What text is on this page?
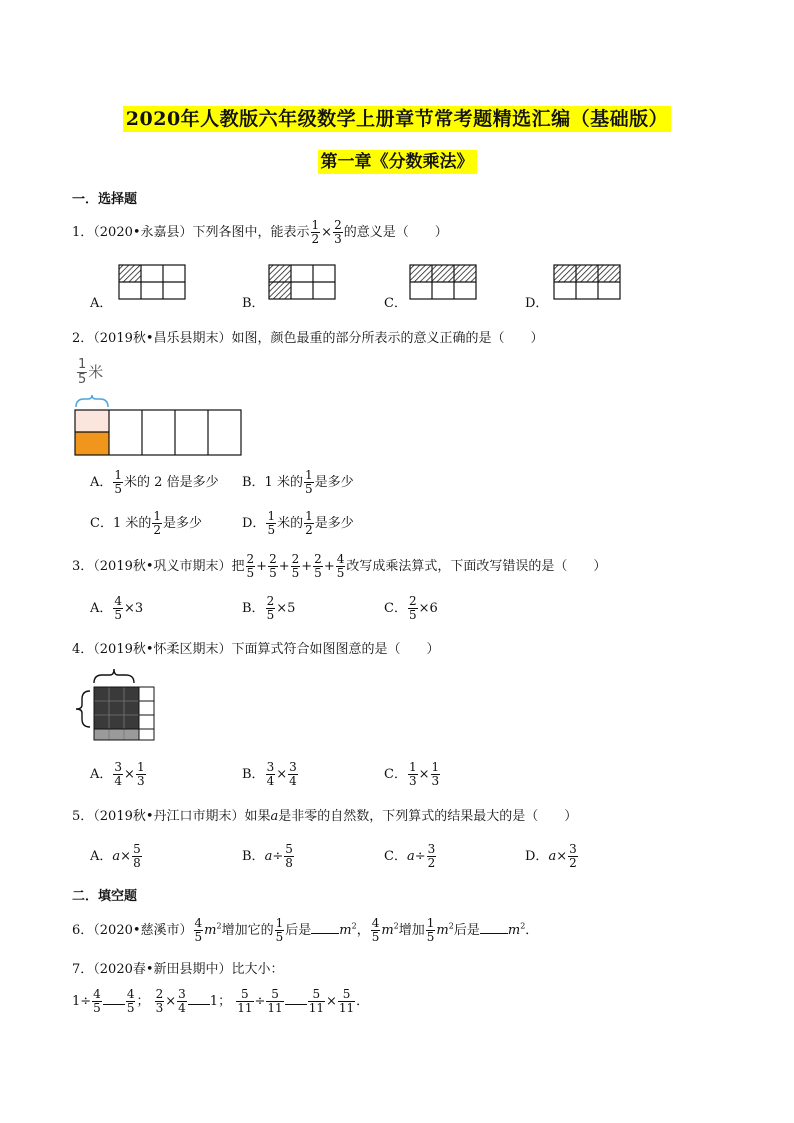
2020年人教版六年级数学上册章节常考题精选汇编（基础版）
第一章《分数乘法》
一．选择题
1．（2020•永嘉县）下列各图中，能表示 $\frac{1}{2} \times \frac{2}{3}$ 的意义是（　　）
A．	B．	C．	D．
2．（2019秋•昌乐县期末）如图，颜色最重的部分所表示的意义正确的是（　　）
$\frac{1}{5}$ 米
A． $\frac{1}{5}$ 米的 2 倍是多少 B．1 米的 $\frac{1}{5}$ 是多少
C．1 米的 $\frac{1}{2}$ 是多少	D． $\frac{1}{5}$ 米的 $\frac{1}{2}$ 是多少
3．（2019秋•巩义市期末）把 $\frac{2}{5} + \frac{2}{5} + \frac{2}{5} + \frac{2}{5} + \frac{4}{5}$ 改写成乘法算式，下面改写错误的是（　　）
A． $\frac{4}{5} \times 3$	B． $\frac{2}{5} \times 5$	C． $\frac{2}{5} \times 6$
4．（2019秋•怀柔区期末）下面算式符合如图图意的是（　　）
A． $\frac{3}{4} \times \frac{1}{3}$	B． $\frac{3}{4} \times \frac{3}{4}$	C． $\frac{1}{3} \times \frac{1}{3}$
5．（2019秋•丹江口市期末）如果a是非零的自然数，下列算式的结果最大的是（　　）
A．$a\times \frac{5}{8}$	B．$a\div \frac{5}{8}$	C．$a\div \frac{3}{2}$	D．$a\times \frac{3}{2}$
二．填空题
6．（2020•慈溪市） $\frac{4}{5} m^2$增加它的 $\frac{1}{5}$ 后是 $m^2$， $\frac{4}{5} m^2$增加 $\frac{1}{5} m^2$后是 $m^2$．
7．（2020春•新田县期中）比大小：
$1\div \frac{4}{5} \frac{4}{5}$ ； $\frac{2}{3} \times \frac{3}{4} 1$； $\frac{5}{11} \div \frac{5}{11} \frac{5}{11} \times \frac{5}{11}$ ．
